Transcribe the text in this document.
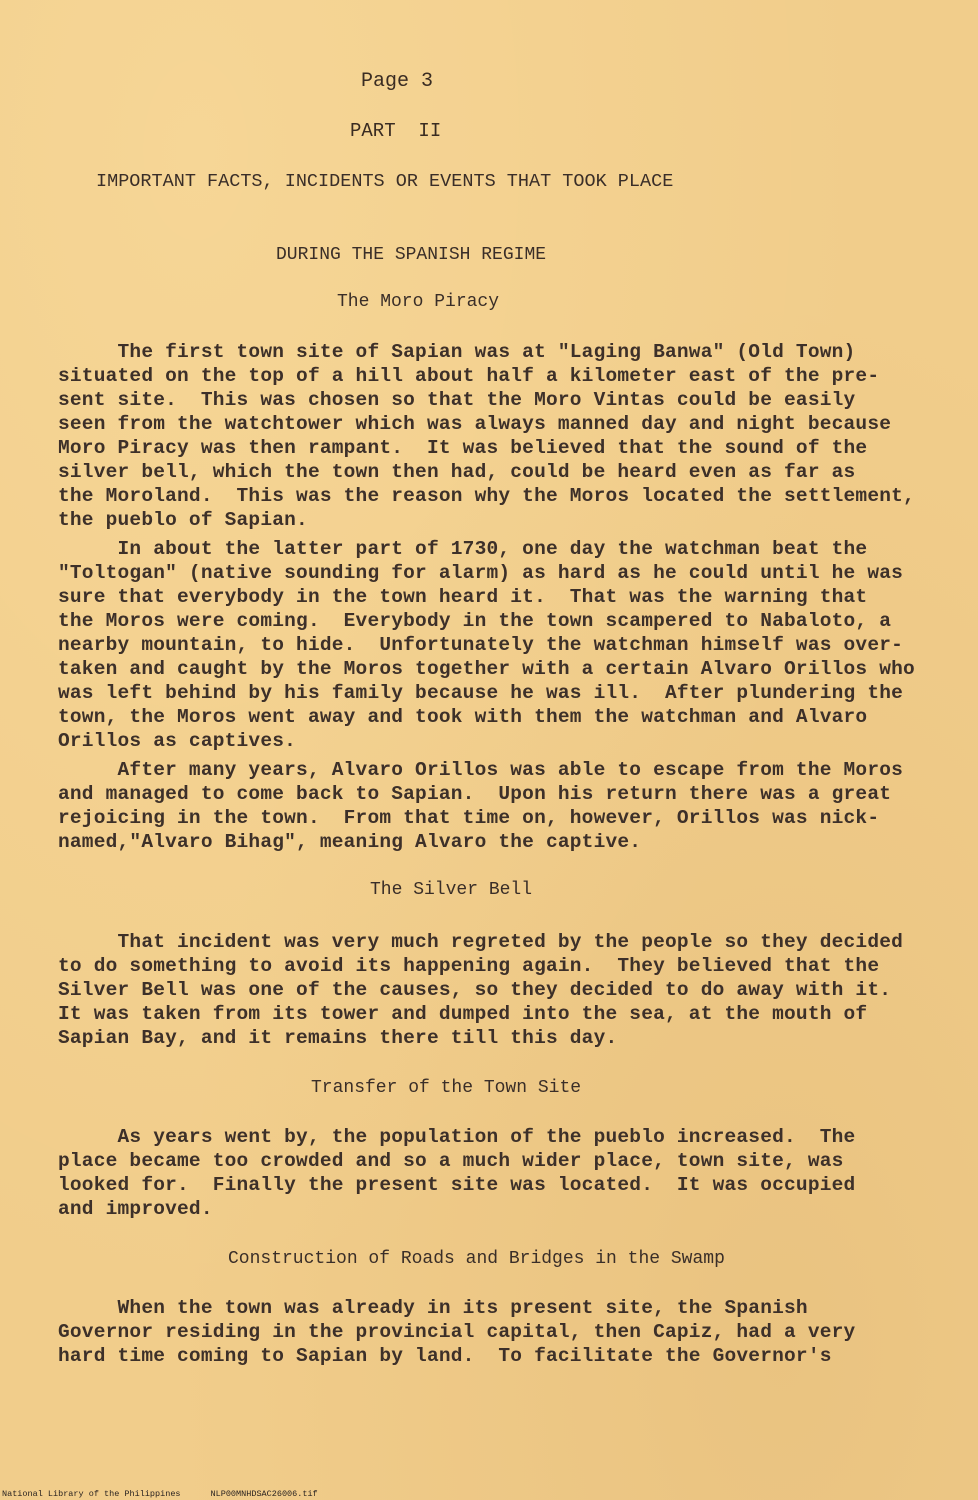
Page 3
PART  II
IMPORTANT FACTS, INCIDENTS OR EVENTS THAT TOOK PLACE
DURING THE SPANISH REGIME
The Moro Piracy
The first town site of Sapian was at "Laging Banwa" (Old Town)
situated on the top of a hill about half a kilometer east of the pre-
sent site.  This was chosen so that the Moro Vintas could be easily
seen from the watchtower which was always manned day and night because
Moro Piracy was then rampant.  It was believed that the sound of the
silver bell, which the town then had, could be heard even as far as
the Moroland.  This was the reason why the Moros located the settlement,
the pueblo of Sapian.
In about the latter part of 1730, one day the watchman beat the
"Toltogan" (native sounding for alarm) as hard as he could until he was
sure that everybody in the town heard it.  That was the warning that
the Moros were coming.  Everybody in the town scampered to Nabaloto, a
nearby mountain, to hide.  Unfortunately the watchman himself was over-
taken and caught by the Moros together with a certain Alvaro Orillos who
was left behind by his family because he was ill.  After plundering the
town, the Moros went away and took with them the watchman and Alvaro
Orillos as captives.
After many years, Alvaro Orillos was able to escape from the Moros
and managed to come back to Sapian.  Upon his return there was a great
rejoicing in the town.  From that time on, however, Orillos was nick-
named,"Alvaro Bihag", meaning Alvaro the captive.
The Silver Bell
That incident was very much regreted by the people so they decided
to do something to avoid its happening again.  They believed that the
Silver Bell was one of the causes, so they decided to do away with it.
It was taken from its tower and dumped into the sea, at the mouth of
Sapian Bay, and it remains there till this day.
Transfer of the Town Site
As years went by, the population of the pueblo increased.  The
place became too crowded and so a much wider place, town site, was
looked for.  Finally the present site was located.  It was occupied
and improved.
Construction of Roads and Bridges in the Swamp
When the town was already in its present site, the Spanish
Governor residing in the provincial capital, then Capiz, had a very
hard time coming to Sapian by land.  To facilitate the Governor's
National Library of the Philippines	NLP00MNHDSAC26006.tif
